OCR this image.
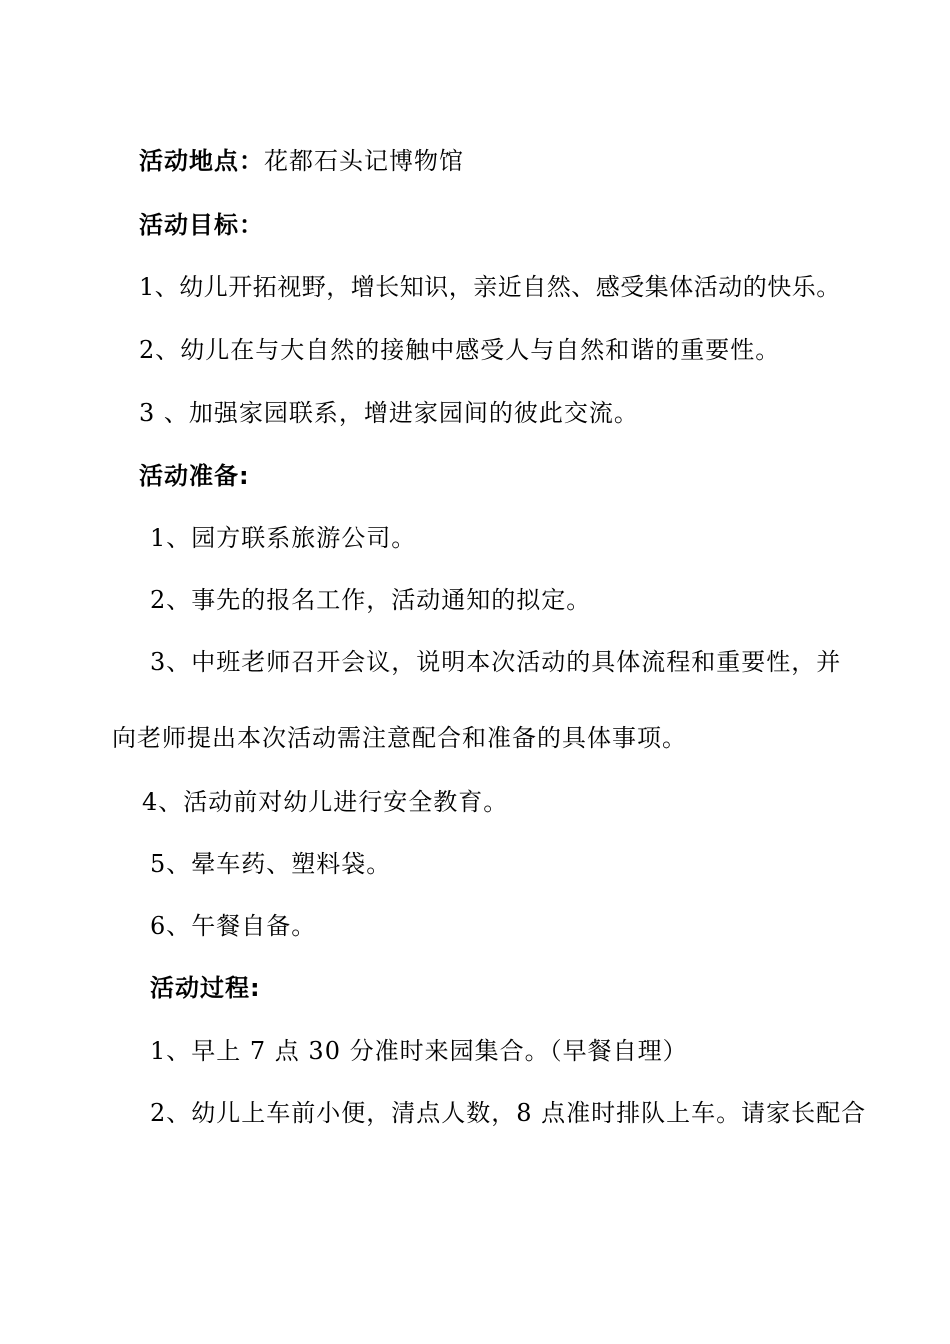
活动地点：花都石头记博物馆
活动目标：
1、幼儿开拓视野，增长知识，亲近自然、感受集体活动的快乐。
2、幼儿在与大自然的接触中感受人与自然和谐的重要性。
3 、加强家园联系，增进家园间的彼此交流。
活动准备:
1、园方联系旅游公司。
2、事先的报名工作，活动通知的拟定。
3、中班老师召开会议，说明本次活动的具体流程和重要性，并
向老师提出本次活动需注意配合和准备的具体事项。
4、活动前对幼儿进行安全教育。
5、晕车药、塑料袋。
6、午餐自备。
活动过程:
1、早上 7 点 30 分准时来园集合。（早餐自理）
2、幼儿上车前小便，清点人数，8 点准时排队上车。请家长配合
